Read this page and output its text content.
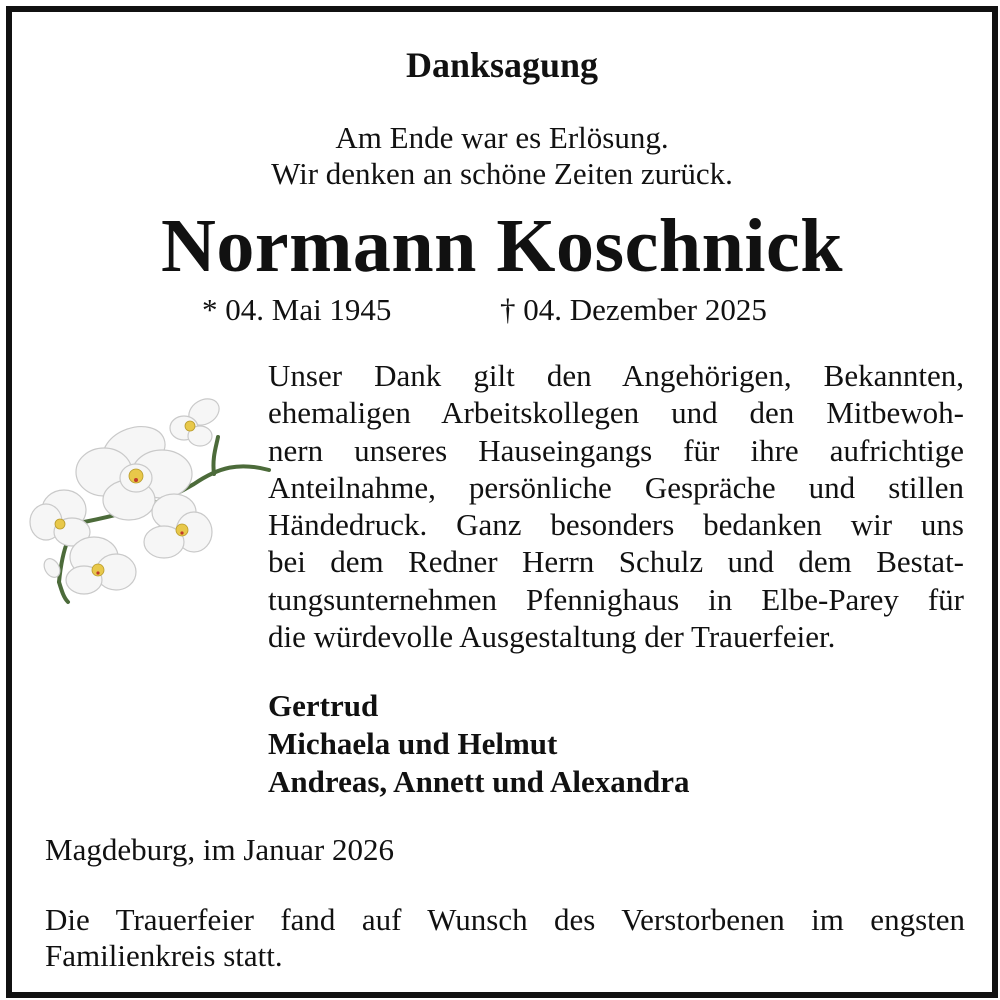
Danksagung
Am Ende war es Erlösung.
Wir denken an schöne Zeiten zurück.
Normann Koschnick
* 04. Mai 1945	† 04. Dezember 2025
Unser Dank gilt den Angehörigen, Bekannten,
ehemaligen Arbeitskollegen und den Mitbewoh-
nern unseres Hauseingangs für ihre aufrichtige
Anteilnahme, persönliche Gespräche und stillen
Händedruck. Ganz besonders bedanken wir uns
bei dem Redner Herrn Schulz und dem Bestat-
tungsunternehmen Pfennighaus in Elbe-Parey für
die würdevolle Ausgestaltung der Trauerfeier.
Gertrud
Michaela und Helmut
Andreas, Annett und Alexandra
Magdeburg, im Januar 2026
Die Trauerfeier fand auf Wunsch des Verstorbenen im engsten
Familienkreis statt.
